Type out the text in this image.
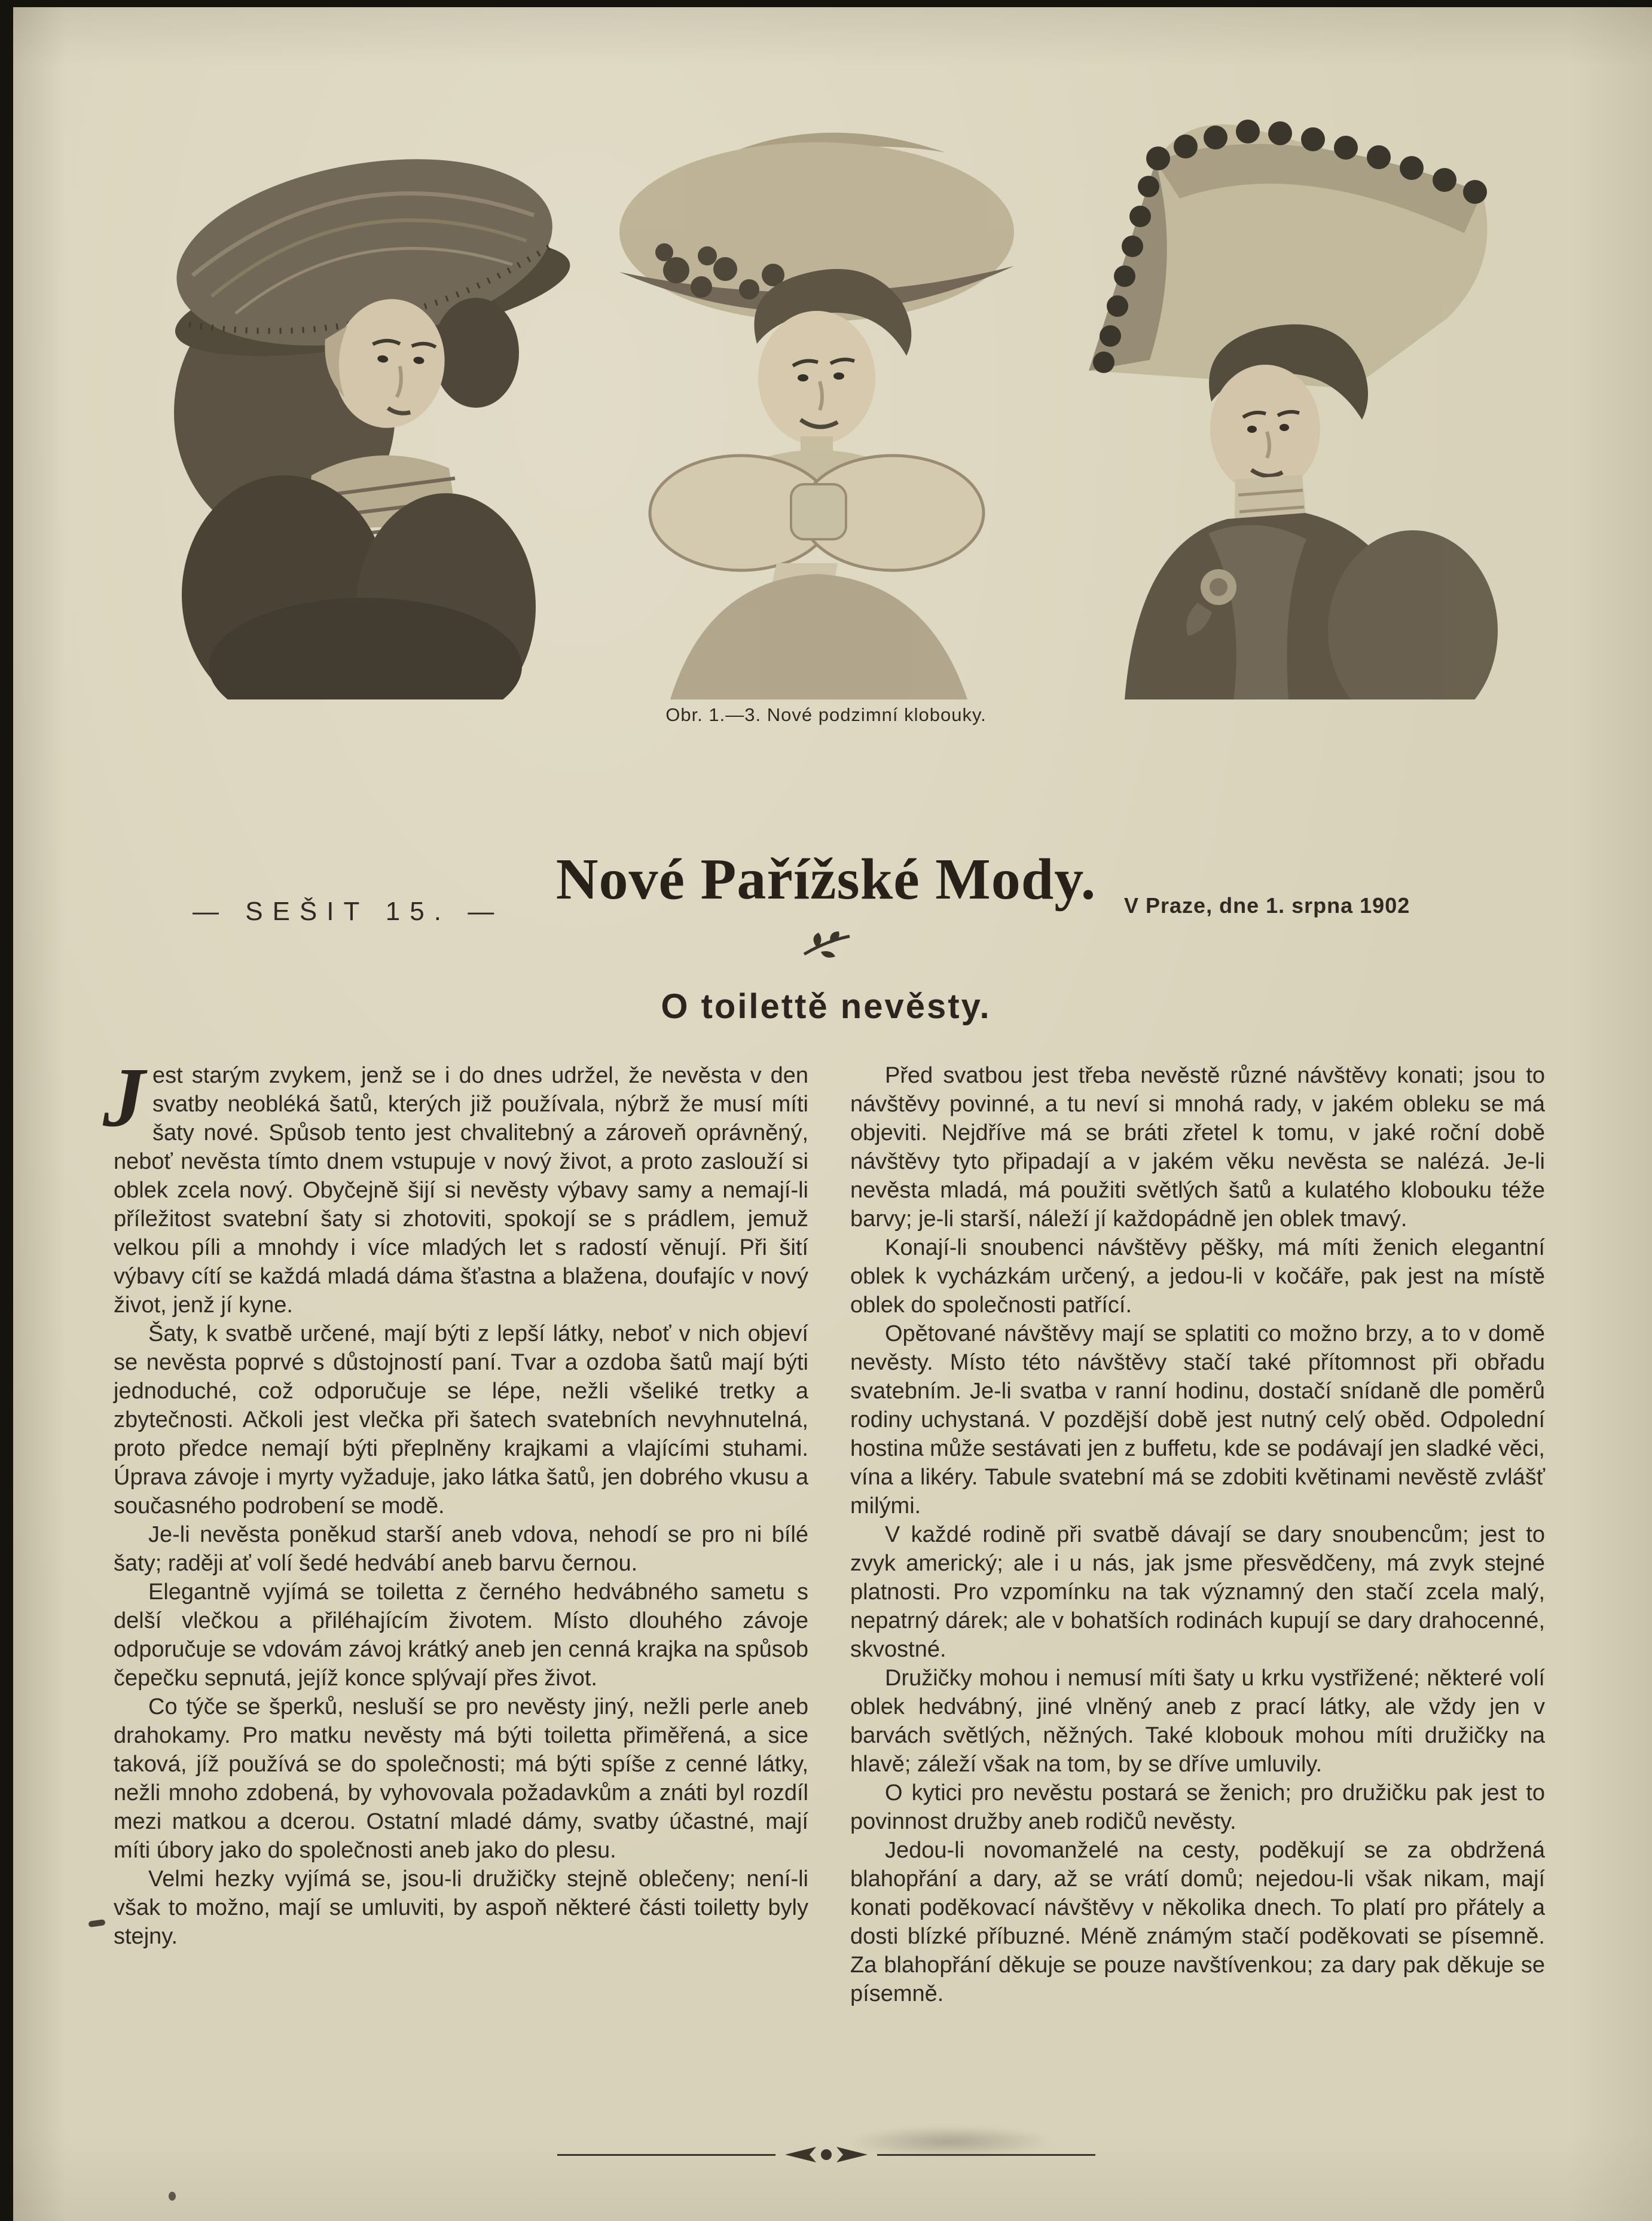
Obr. 1.—3. Nové podzimní klobouky.
— SEŠIT 15. — Nové Pařížské Mody.	V Praze, dne 1. srpna 1902
O toilettě nevěsty.

Jest starým zvykem, jenž se i do dnes udržel, že nevěsta v den svatby neobléká šatů, kterých již používala, nýbrž že musí míti šaty nové. Spůsob tento jest chvalitebný a zároveň oprávněný, neboť nevěsta tímto dnem vstupuje v nový život, a proto zaslouží si oblek zcela nový. Obyčejně šijí si nevěsty výbavy samy a nemají-li příležitost svatební šaty si zhotoviti, spokojí se s prádlem, jemuž velkou píli a mnohdy i více mladých let s radostí věnují. Při šití výbavy cítí se každá mladá dáma šťastna a blažena, doufajíc v nový život, jenž jí kyne.

Šaty, k svatbě určené, mají býti z lepší látky, neboť v nich objeví se nevěsta poprvé s důstojností paní. Tvar a ozdoba šatů mají býti jednoduché, což odporučuje se lépe, nežli všeliké tretky a zbytečnosti. Ačkoli jest vlečka při šatech svatebních nevyhnutelná, proto předce nemají býti přeplněny krajkami a vlajícími stuhami. Úprava závoje i myrty vyžaduje, jako látka šatů, jen dobrého vkusu a současného podrobení se modě.

Je-li nevěsta poněkud starší aneb vdova, nehodí se pro ni bílé šaty; raději ať volí šedé hedvábí aneb barvu černou.

Elegantně vyjímá se toiletta z černého hedvábného sametu s delší vlečkou a přiléhajícím životem. Místo dlouhého závoje odporučuje se vdovám závoj krátký aneb jen cenná krajka na spůsob čepečku sepnutá, jejíž konce splývají přes život.

Co týče se šperků, nesluší se pro nevěsty jiný, nežli perle aneb drahokamy. Pro matku nevěsty má býti toiletta přiměřená, a sice taková, jíž používá se do společnosti; má býti spíše z cenné látky, nežli mnoho zdobená, by vyhovovala požadavkům a znáti byl rozdíl mezi matkou a dcerou. Ostatní mladé dámy, svatby účastné, mají míti úbory jako do společnosti aneb jako do plesu.

Velmi hezky vyjímá se, jsou-li družičky stejně oblečeny; není-li však to možno, mají se umluviti, by aspoň některé části toiletty byly stejny.

Před svatbou jest třeba nevěstě různé návštěvy konati; jsou to návštěvy povinné, a tu neví si mnohá rady, v jakém obleku se má objeviti. Nejdříve má se bráti zřetel k tomu, v jaké roční době návštěvy tyto připadají a v jakém věku nevěsta se nalézá. Je-li nevěsta mladá, má použiti světlých šatů a kulatého klobouku téže barvy; je-li starší, náleží jí každopádně jen oblek tmavý.

Konají-li snoubenci návštěvy pěšky, má míti ženich elegantní oblek k vycházkám určený, a jedou-li v kočáře, pak jest na místě oblek do společnosti patřící.

Opětované návštěvy mají se splatiti co možno brzy, a to v domě nevěsty. Místo této návštěvy stačí také přítomnost při obřadu svatebním. Je-li svatba v ranní hodinu, dostačí snídaně dle poměrů rodiny uchystaná. V pozdější době jest nutný celý oběd. Odpolední hostina může sestávati jen z buffetu, kde se podávají jen sladké věci, vína a likéry. Tabule svatební má se zdobiti květinami nevěstě zvlášť milými.

V každé rodině při svatbě dávají se dary snoubencům; jest to zvyk americký; ale i u nás, jak jsme přesvědčeny, má zvyk stejné platnosti. Pro vzpomínku na tak významný den stačí zcela malý, nepatrný dárek; ale v bohatších rodinách kupují se dary drahocenné, skvostné.

Družičky mohou i nemusí míti šaty u krku vystřižené; některé volí oblek hedvábný, jiné vlněný aneb z prací látky, ale vždy jen v barvách světlých, něžných. Také klobouk mohou míti družičky na hlavě; záleží však na tom, by se dříve umluvily.

O kytici pro nevěstu postará se ženich; pro družičku pak jest to povinnost družby aneb rodičů nevěsty.

Jedou-li novomanželé na cesty, poděkují se za obdržená blahopřání a dary, až se vrátí domů; nejedou-li však nikam, mají konati poděkovací návštěvy v několika dnech. To platí pro přátely a dosti blízké příbuzné. Méně známým stačí poděkovati se písemně. Za blahopřání děkuje se pouze navštívenkou; za dary pak děkuje se písemně.
